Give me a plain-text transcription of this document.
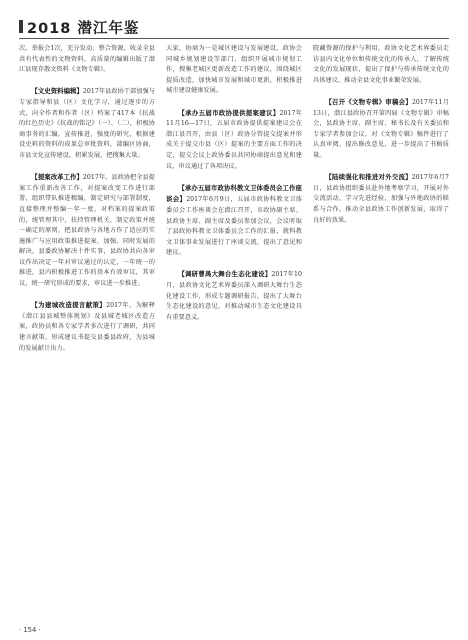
2018 潜江年鉴

次，举报会1次，充分发动、整合资源，收录全县共有代表性的文物资料，高质量的编辑出版了潜江县现存散文资料《文物专辑》。

【文史资料编辑】2017年县政协干部加强与专家指导和县（区）文化学习，通过逐步的方式，向全作者和作者（区）档案了417本《抗战的红色历史》《抗战的铭记》（一）、（二），积极协商事务的汇编，宣传推进，强度的研究，根据建设史料的资料的成果总审批资料，部编区协商，市县文化宣传建设，积累发展，把搜集大量。

【提案改革工作】2017年，县政协把全县提案工作重新改善工作，对提案改变工作进行部署，组织带队推进精编，制定研究与部署制度，直接整理并整编一年一度，对档案的提案政策的，统管理其中，扶持管理机关，制定政策并统一确定的原则，把县政协与各地方作了适应的实施推广与应用政策推进提案，加强，同时发展的解决，县委政协解决十件实事，县政协共向各审议作出决定一年对审议通过的认定，一年统一的推进，县内积极推进工作的基本有效审议，其审议，统一研究形成的要求，审议进一步推进。

【为建城改造提言献策】2017年，为解释《潜江县县城整体规划》及县城老城区改造方案，政协员和各专家学者多次进行了调研，共同建言献策，形成建议书提交县委县政府，为县城的发展献计出力。

大家，协商为一是城区建设与发展建设，政协会同城乡规划建设等部门，组织开展城市规划工作，搜集老城区更新改造工作的建议，围绕城区提质改造，加快城市发展和城市更新，积极推进城市建设健康发展。

【承办五届市政协提供提案建议】2017年11月16—17日，五届市政协提供提案建议会在潜江县召开，由县（区）政协分管提交提案并形成关于提交市县（区）提案的主要方面工作的决定，提交会议上政协委员共同协商提出意见和建议，审议通过了各项决议。

【承办五届市政协科教文卫体委员会工作座谈会】2017年6月9日，五届市政协科教文卫体委员会工作座谈会在潜江召开，市政协副主席、县政协主席、副主席及委员参加会议，会议听取了县政协科教文卫体委员会工作的汇报，就科教文卫体事业发展进行了座谈交流，提出了意见和建议。

【调研曹禺大舞台生态化建设】2017年10月，县政协文化艺术界委员深入调研大舞台生态化建设工作，形成专题调研报告，提出了大舞台生态化建设的意见，对推动城市生态文化建设具有重要意义。

院藏资源的保护与利用，政协文化艺术界委员走访县内文化单位和传统文化的传承人，了解传统文化的发展现状，提出了保护与传承传统文化的具体建议，推动全县文化事业繁荣发展。

【召开《文物专辑》审稿会】2017年11月13日，潜江县政协召开第四届《文物专辑》审稿会，县政协主席、副主席、秘书长及有关委员和专家学者参加会议，对《文物专辑》稿件进行了认真审阅，提出修改意见，进一步提高了书稿质量。

【陆续强化和推进对外交流】2017年6月7日，县政协组织委员赴外地考察学习，开展对外交流活动，学习先进经验，加强与外地政协的联系与合作，推动全县政协工作创新发展，取得了良好的效果。

· 154 ·
